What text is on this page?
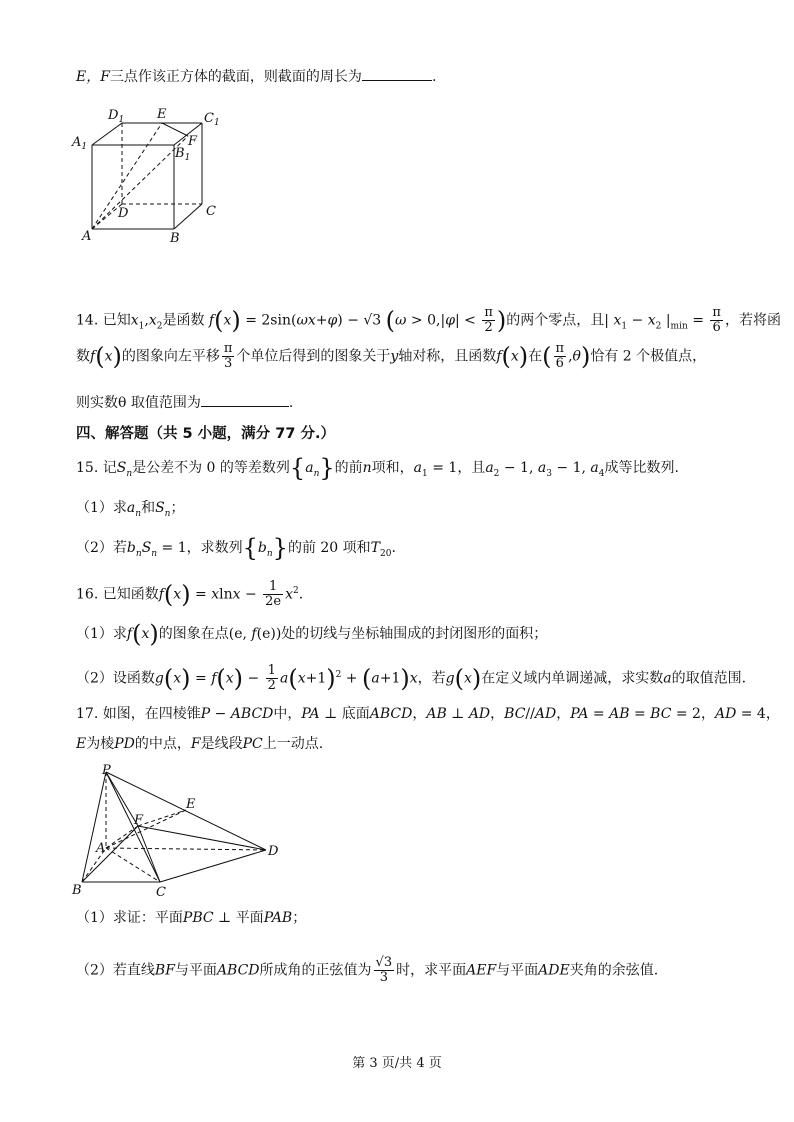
E，F三点作该正方体的截面，则截面的周长为	.
$D_1$	E	$C_1$
$A_1$	$B_1$
F
D	C
A	B
14. 已知$x_1,x_2$是函数 f(x) = 2sin(ωx+φ) − √3 ($\omega > 0,|\varphi| < \frac{\pi}{2}$ )的两个零点，且| $x_1 - x_2$ $|_{min} = \frac{\pi}{6}$ ，若将函
数f(x)的图象向左平移 $\frac{\pi}{3}$ 个单位后得到的图象关于y轴对称，且函数f(x)在( $\frac{\pi}{6} ,\theta$)恰有 2 个极值点，
则实数θ 取值范围为	.
四、解答题（共 5 小题，满分 77 分.）
15. 记$S_n$是公差不为 0 的等差数列$\{a_n\}$的前n项和，$a_1 = 1$，且$a_2 - 1$, $a_3 - 1$, $a_4$成等比数列.
（1）求$a_n$和$S_n$；
（2）若$b_nS_n = 1$，求数列$\{b_n\}$的前 20 项和$T_{20}$.
16. 已知函数$f(x) = xlnx - \frac{1}{2e} x^2$.
（1）求f(x)的图象在点(e, f(e))处的切线与坐标轴围成的封闭图形的面积；
（2）设函数$g(x) = f(x) - \frac{1}{2} a(x+1)^2 + (a+1)x$，若g(x)在定义域内单调递减，求实数a的取值范围.
17. 如图，在四棱锥P − ABCD中，PA ⊥ 底面ABCD，AB ⊥ AD，BC//AD，PA = AB = BC = 2，AD = 4，
E为棱PD的中点，F是线段PC上一动点.
P
E
F
A	D
B	C
（1）求证：平面PBC ⊥ 平面PAB；
（2）若直线BF与平面ABCD所成角的正弦值为 $\frac{√3}{3}$ 时，求平面AEF与平面ADE夹角的余弦值.
第 3 页/共 4 页
